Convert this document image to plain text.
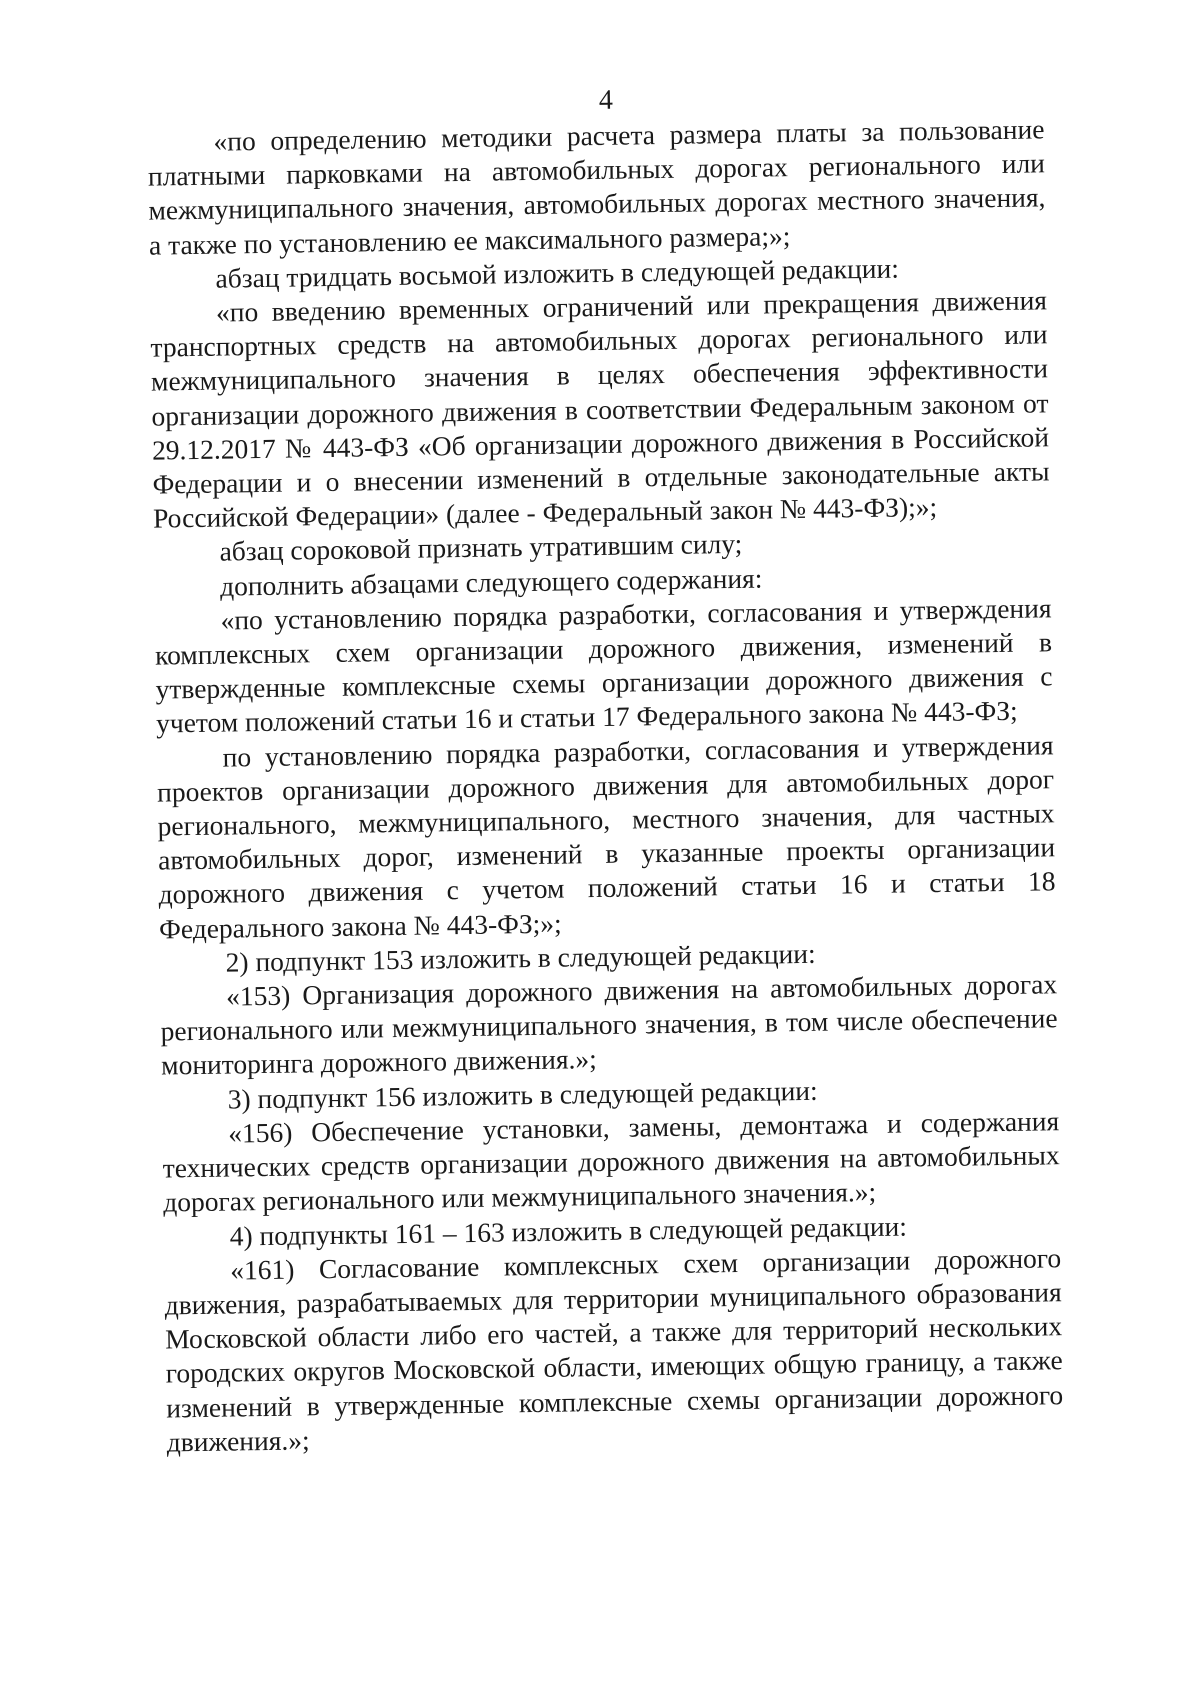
4

«по определению методики расчета размера платы за пользование платными парковками на автомобильных дорогах регионального или межмуниципального значения, автомобильных дорогах местного значения, а также по установлению ее максимального размера;»;

абзац тридцать восьмой изложить в следующей редакции:

«по введению временных ограничений или прекращения движения транспортных средств на автомобильных дорогах регионального или межмуниципального значения в целях обеспечения эффективности организации дорожного движения в соответствии Федеральным законом от 29.12.2017 № 443-ФЗ «Об организации дорожного движения в Российской Федерации и о внесении изменений в отдельные законодательные акты Российской Федерации» (далее - Федеральный закон № 443-ФЗ);»;

абзац сороковой признать утратившим силу;

дополнить абзацами следующего содержания:

«по установлению порядка разработки, согласования и утверждения комплексных схем организации дорожного движения, изменений в утвержденные комплексные схемы организации дорожного движения с учетом положений статьи 16 и статьи 17 Федерального закона № 443-ФЗ;

по установлению порядка разработки, согласования и утверждения проектов организации дорожного движения для автомобильных дорог регионального, межмуниципального, местного значения, для частных автомобильных дорог, изменений в указанные проекты организации дорожного движения с учетом положений статьи 16 и статьи 18 Федерального закона № 443-ФЗ;»;

2) подпункт 153 изложить в следующей редакции:

«153) Организация дорожного движения на автомобильных дорогах регионального или межмуниципального значения, в том числе обеспечение мониторинга дорожного движения.»;

3) подпункт 156 изложить в следующей редакции:

«156) Обеспечение установки, замены, демонтажа и содержания технических средств организации дорожного движения на автомобильных дорогах регионального или межмуниципального значения.»;

4) подпункты 161 – 163 изложить в следующей редакции:

«161) Согласование комплексных схем организации дорожного движения, разрабатываемых для территории муниципального образования Московской области либо его частей, а также для территорий нескольких городских округов Московской области, имеющих общую границу, а также изменений в утвержденные комплексные схемы организации дорожного движения.»;
